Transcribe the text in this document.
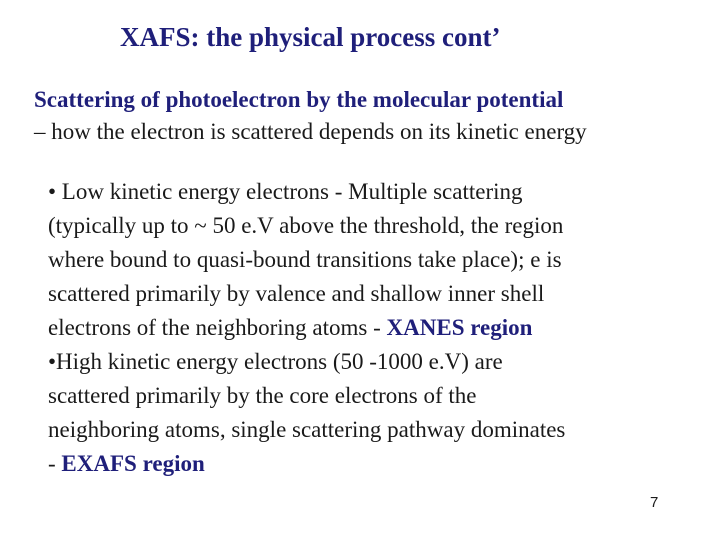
XAFS: the physical process cont’
Scattering of photoelectron by the molecular potential
– how the electron is scattered depends on its kinetic energy
• Low kinetic energy electrons - Multiple scattering
(typically up to ~ 50 e.V above the threshold, the region
where bound to quasi-bound transitions take place); e is
scattered primarily by valence and shallow inner shell
electrons of the neighboring atoms - XANES region
•High kinetic energy electrons (50 -1000 e.V) are
scattered primarily by the core electrons of the
neighboring atoms, single scattering pathway dominates
- EXAFS region
7
